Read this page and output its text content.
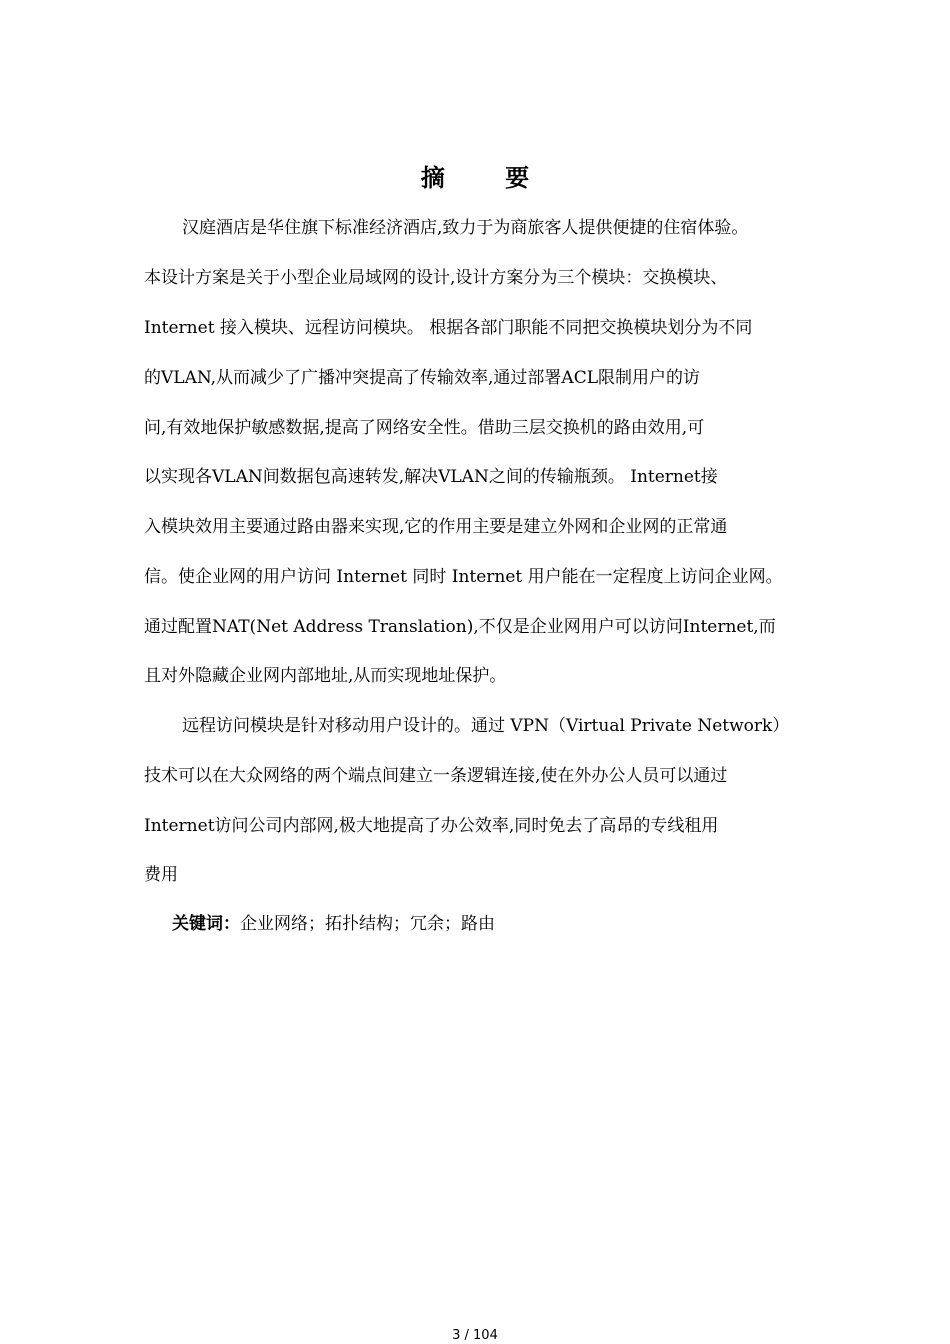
摘 要
汉庭酒店是华住旗下标准经济酒店,致力于为商旅客人提供便捷的住宿体验。
本设计方案是关于小型企业局域网的设计,设计方案分为三个模块：交换模块、
Internet 接入模块、远程访问模块。 根据各部门职能不同把交换模块划分为不同
的VLAN,从而减少了广播冲突提高了传输效率,通过部署ACL限制用户的访
问,有效地保护敏感数据,提高了网络安全性。借助三层交换机的路由效用,可
以实现各VLAN间数据包高速转发,解决VLAN之间的传输瓶颈。 Internet接
入模块效用主要通过路由器来实现,它的作用主要是建立外网和企业网的正常通
信。使企业网的用户访问 Internet 同时 Internet 用户能在一定程度上访问企业网。
通过配置NAT(Net Address Translation),不仅是企业网用户可以访问Internet,而
且对外隐藏企业网内部地址,从而实现地址保护。
远程访问模块是针对移动用户设计的。通过 VPN（Virtual Private Network）
技术可以在大众网络的两个端点间建立一条逻辑连接,使在外办公人员可以通过
Internet访问公司内部网,极大地提高了办公效率,同时免去了高昂的专线租用
费用
关键词：企业网络；拓扑结构；冗余；路由
3 / 104
